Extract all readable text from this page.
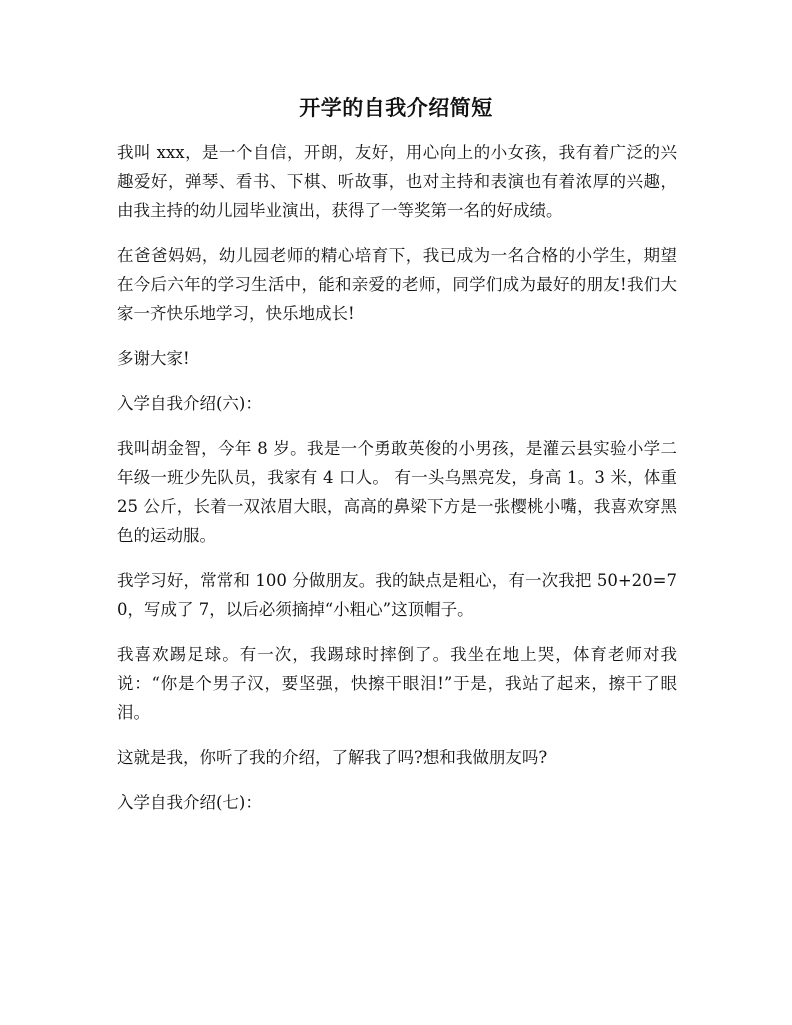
开学的自我介绍简短

我叫 xxx，是一个自信，开朗，友好，用心向上的小女孩，我有着广泛的兴趣爱好，弹琴、看书、下棋、听故事，也对主持和表演也有着浓厚的兴趣，由我主持的幼儿园毕业演出，获得了一等奖第一名的好成绩。

在爸爸妈妈，幼儿园老师的精心培育下，我已成为一名合格的小学生，期望在今后六年的学习生活中，能和亲爱的老师，同学们成为最好的朋友!我们大家一齐快乐地学习，快乐地成长!

多谢大家!

入学自我介绍(六)：

我叫胡金智，今年 8 岁。我是一个勇敢英俊的小男孩，是灌云县实验小学二年级一班少先队员，我家有 4 口人。 有一头乌黑亮发，身高 1。3 米，体重 25 公斤，长着一双浓眉大眼，高高的鼻梁下方是一张樱桃小嘴，我喜欢穿黑色的运动服。

我学习好，常常和 100 分做朋友。我的缺点是粗心，有一次我把 50+20=70，写成了 7，以后必须摘掉“小粗心”这顶帽子。

我喜欢踢足球。有一次，我踢球时摔倒了。我坐在地上哭，体育老师对我说：“你是个男子汉，要坚强，快擦干眼泪!”于是，我站了起来，擦干了眼泪。

这就是我，你听了我的介绍，了解我了吗?想和我做朋友吗?

入学自我介绍(七)：
